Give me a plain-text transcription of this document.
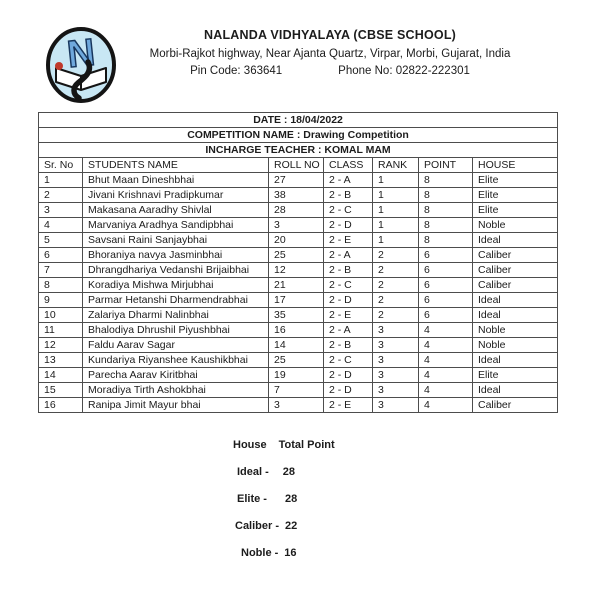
N	NALANDA VIDHYALAYA (CBSE SCHOOL)
Morbi-Rajkot highway, Near Ajanta Quartz, Virpar, Morbi, Gujarat, India
Pin Code: 363641	Phone No: 02822-222301
DATE : 18/04/2022						
COMPETITION NAME : Drawing Competition						
INCHARGE TEACHER : KOMAL MAM						
Sr. No	STUDENTS NAME	ROLL NO	CLASS	RANK	POINT	HOUSE
1	Bhut Maan Dineshbhai	27	2 - A	1	8	Elite
2	Jivani Krishnavi Pradipkumar	38	2 - B	1	8	Elite
3	Makasana Aaradhy Shivlal	28	2 - C	1	8	Elite
4	Marvaniya Aradhya Sandipbhai	3	2 - D	1	8	Noble
5	Savsani Raini Sanjaybhai	20	2 - E	1	8	Ideal
6	Bhoraniya navya Jasminbhai	25	2 - A	2	6	Caliber
7	Dhrangdhariya Vedanshi Brijaibhai	12	2 - B	2	6	Caliber
8	Koradiya Mishwa Mirjubhai	21	2 - C	2	6	Caliber
9	Parmar Hetanshi Dharmendrabhai	17	2 - D	2	6	Ideal
10	Zalariya Dharmi Nalinbhai	35	2 - E	2	6	Ideal
11	Bhalodiya Dhrushil Piyushbhai	16	2 - A	3	4	Noble
12	Faldu Aarav Sagar	14	2 - B	3	4	Noble
13	Kundariya Riyanshee Kaushikbhai	25	2 - C	3	4	Ideal
14	Parecha Aarav Kiritbhai	19	2 - D	3	4	Elite
15	Moradiya Tirth Ashokbhai	7	2 - D	3	4	Ideal
16	Ranipa Jimit Mayur bhai	3	2 - E	3	4	Caliber
House Total Point
Ideal - 28
Elite - 28
Caliber - 22
Noble - 16
